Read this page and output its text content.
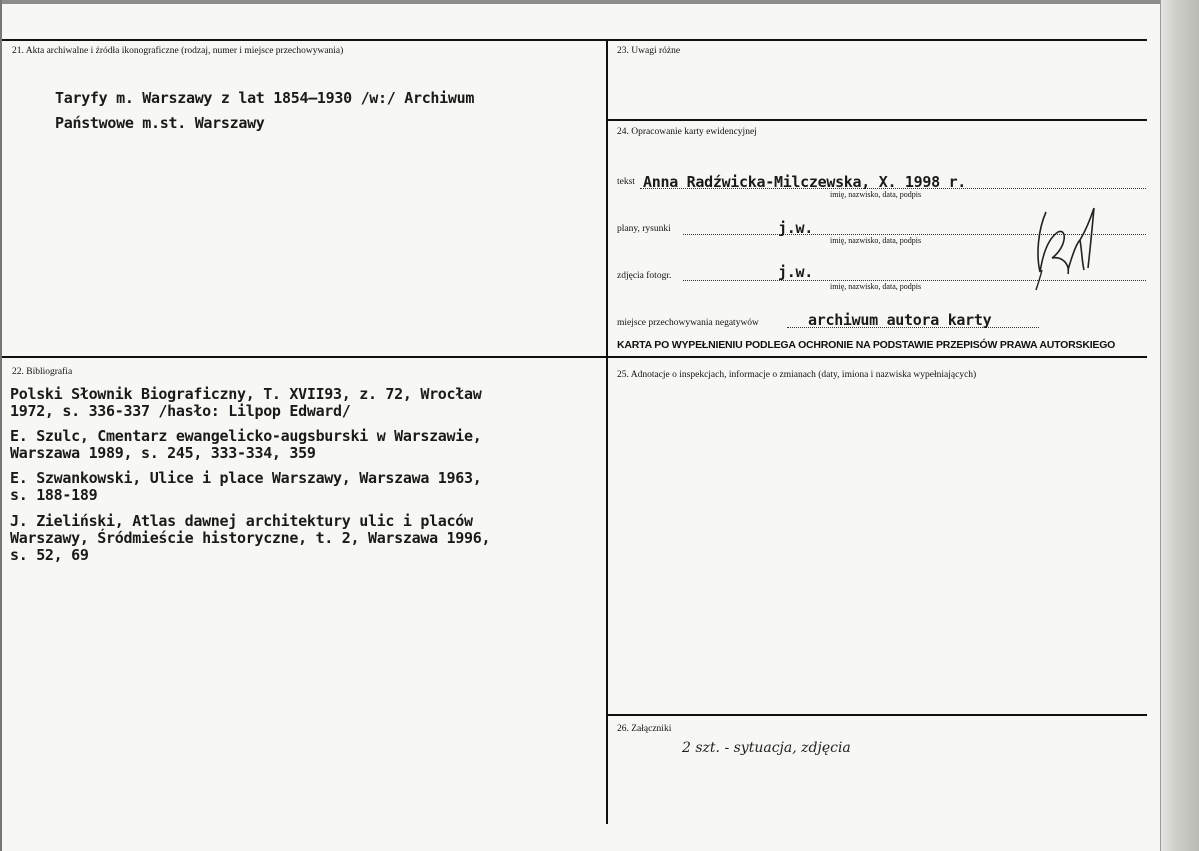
21. Akta archiwalne i źródła ikonograficzne (rodzaj, numer i miejsce przechowywania)
Taryfy m. Warszawy z lat 1854–1930 /w:/ Archiwum
Państwowe m.st. Warszawy
23. Uwagi różne
24. Opracowanie karty ewidencyjnej
tekst Anna Radźwicka-Milczewska, X. 1998 r.
imię, nazwisko, data, podpis
plany, rysunki	j.w.
imię, nazwisko, data, podpis
zdjęcia fotogr.	j.w.
imię, nazwisko, data, podpis
miejsce przechowywania negatywów	archiwum autora karty
KARTA PO WYPEŁNIENIU PODLEGA OCHRONIE NA PODSTAWIE PRZEPISÓW PRAWA AUTORSKIEGO
22. Bibliografia
Polski Słownik Biograficzny, T. XVII93, z. 72, Wrocław
1972, s. 336-337 /hasło: Lilpop Edward/
E. Szulc, Cmentarz ewangelicko-augsburski w Warszawie,
Warszawa 1989, s. 245, 333-334, 359
E. Szwankowski, Ulice i place Warszawy, Warszawa 1963,
s. 188-189
J. Zieliński, Atlas dawnej architektury ulic i placów
Warszawy, Śródmieście historyczne, t. 2, Warszawa 1996,
s. 52, 69
25. Adnotacje o inspekcjach, informacje o zmianach (daty, imiona i nazwiska wypełniających)
26. Załączniki
2 szt. - sytuacja, zdjęcia
